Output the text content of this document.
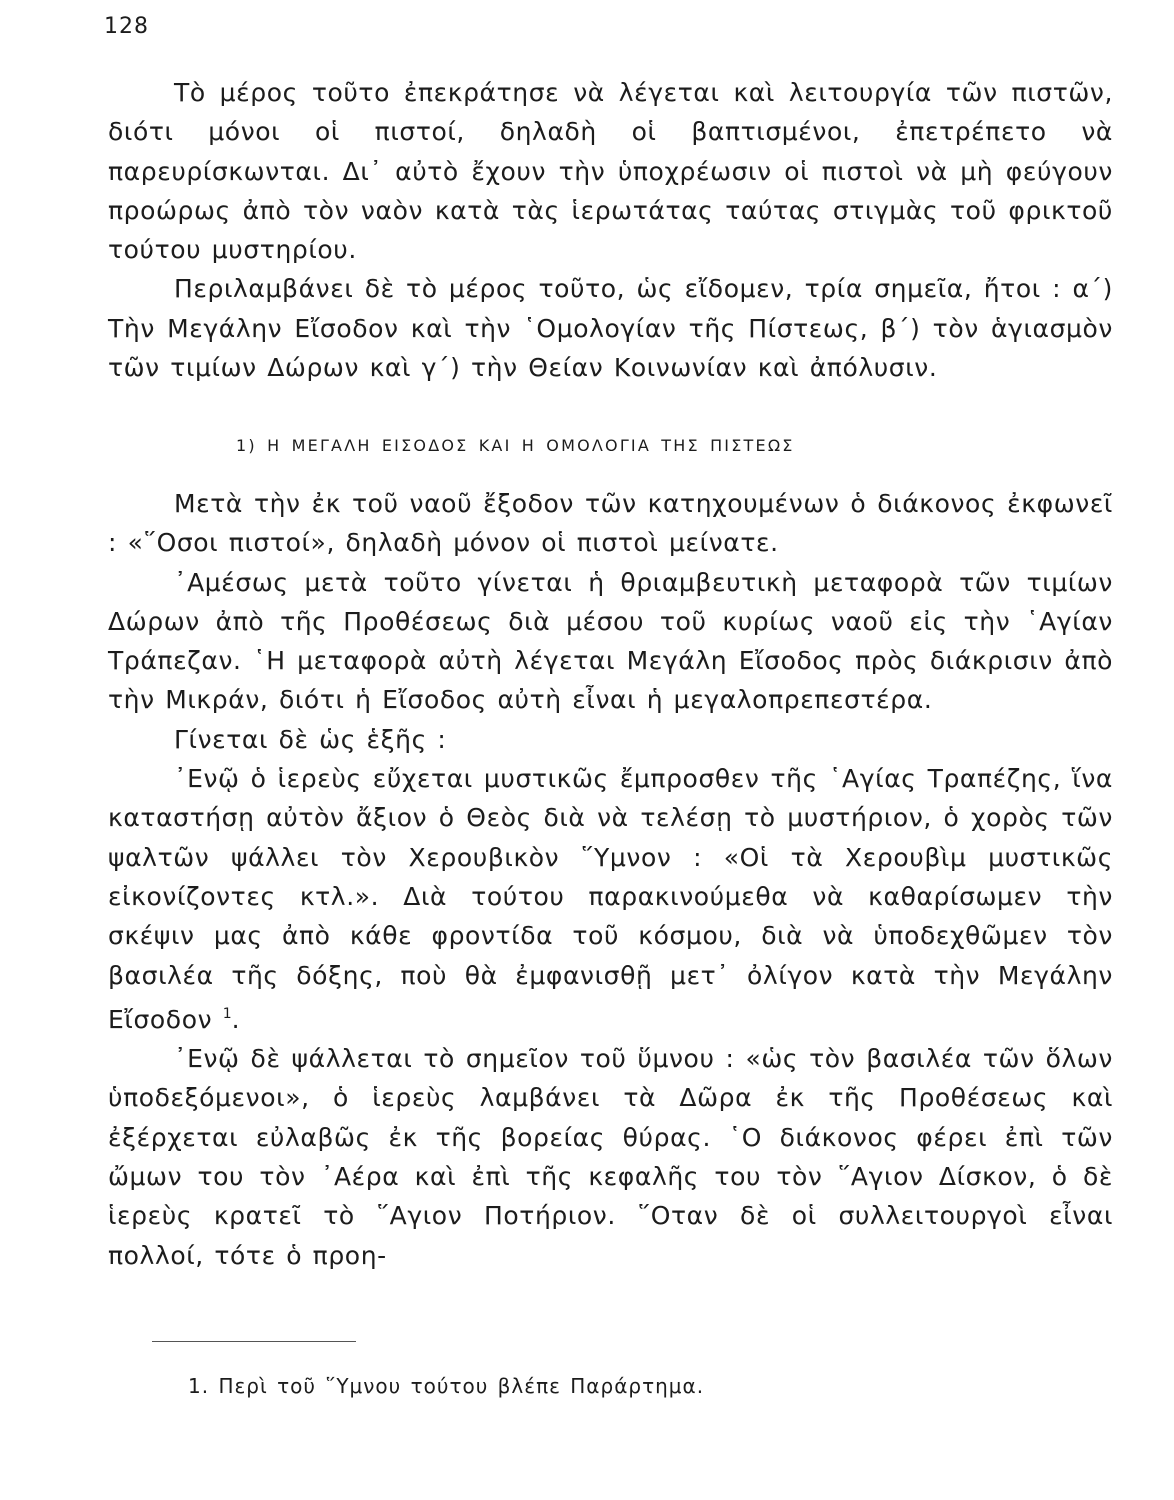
128

Τὸ μέρος τοῦτο ἐπεκράτησε νὰ λέγεται καὶ λειτουργία τῶν πιστῶν, διότι μόνοι οἱ πιστοί, δηλαδὴ οἱ βαπτισμένοι, ἐπετρέπετο νὰ παρευρίσκωνται. Δι᾽ αὐτὸ ἔχουν τὴν ὑποχρέωσιν οἱ πιστοὶ νὰ μὴ φεύγουν προώρως ἀπὸ τὸν ναὸν κατὰ τὰς ἱερωτάτας ταύτας στιγμὰς τοῦ φρικτοῦ τούτου μυστηρίου.

Περιλαμβάνει δὲ τὸ μέρος τοῦτο, ὡς εἴδομεν, τρία σημεῖα, ἤτοι : α΄) Τὴν Μεγάλην Εἴσοδον καὶ τὴν ῾Ομολογίαν τῆς Πίστεως, β΄) τὸν ἁγιασμὸν τῶν τιμίων Δώρων καὶ γ΄) τὴν Θείαν Κοινωνίαν καὶ ἀπόλυσιν.

1) Η ΜΕΓΑΛΗ ΕΙΣΟΔΟΣ ΚΑΙ Η ΟΜΟΛΟΓΙΑ ΤΗΣ ΠΙΣΤΕΩΣ

Μετὰ τὴν ἐκ τοῦ ναοῦ ἔξοδον τῶν κατηχουμένων ὁ διάκονος ἐκφωνεῖ : «῞Οσοι πιστοί», δηλαδὴ μόνον οἱ πιστοὶ μείνατε.

᾽Αμέσως μετὰ τοῦτο γίνεται ἡ θριαμβευτικὴ μεταφορὰ τῶν τιμίων Δώρων ἀπὸ τῆς Προθέσεως διὰ μέσου τοῦ κυρίως ναοῦ εἰς τὴν ῾Αγίαν Τράπεζαν. ῾Η μεταφορὰ αὐτὴ λέγεται Μεγάλη Εἴσοδος πρὸς διάκρισιν ἀπὸ τὴν Μικράν, διότι ἡ Εἴσοδος αὐτὴ εἶναι ἡ μεγαλοπρεπεστέρα.

Γίνεται δὲ ὡς ἑξῆς :

᾽Ενῷ ὁ ἱερεὺς εὔχεται μυστικῶς ἔμπροσθεν τῆς ῾Αγίας Τραπέζης, ἵνα καταστήσῃ αὐτὸν ἄξιον ὁ Θεὸς διὰ νὰ τελέσῃ τὸ μυστήριον, ὁ χορὸς τῶν ψαλτῶν ψάλλει τὸν Χερουβικὸν ῞Υμνον : «Οἱ τὰ Χερουβὶμ μυστικῶς εἰκονίζοντες κτλ.». Διὰ τούτου παρακινούμεθα νὰ καθαρίσωμεν τὴν σκέψιν μας ἀπὸ κάθε φροντίδα τοῦ κόσμου, διὰ νὰ ὑποδεχθῶμεν τὸν βασιλέα τῆς δόξης, ποὺ θὰ ἐμφανισθῇ μετ᾽ ὀλίγον κατὰ τὴν Μεγάλην Εἴσοδον $^1$.

᾽Ενῷ δὲ ψάλλεται τὸ σημεῖον τοῦ ὕμνου : «ὡς τὸν βασιλέα τῶν ὅλων ὑποδεξόμενοι», ὁ ἱερεὺς λαμβάνει τὰ Δῶρα ἐκ τῆς Προθέσεως καὶ ἐξέρχεται εὐλαβῶς ἐκ τῆς βορείας θύρας. ῾Ο διάκονος φέρει ἐπὶ τῶν ὤμων του τὸν ᾽Αέρα καὶ ἐπὶ τῆς κεφαλῆς του τὸν ῞Αγιον Δίσκον, ὁ δὲ ἱερεὺς κρατεῖ τὸ ῞Αγιον Ποτήριον. ῞Οταν δὲ οἱ συλλειτουργοὶ εἶναι πολλοί, τότε ὁ προη-

1. Περὶ τοῦ ῞Υμνου τούτου βλέπε Παράρτημα.
